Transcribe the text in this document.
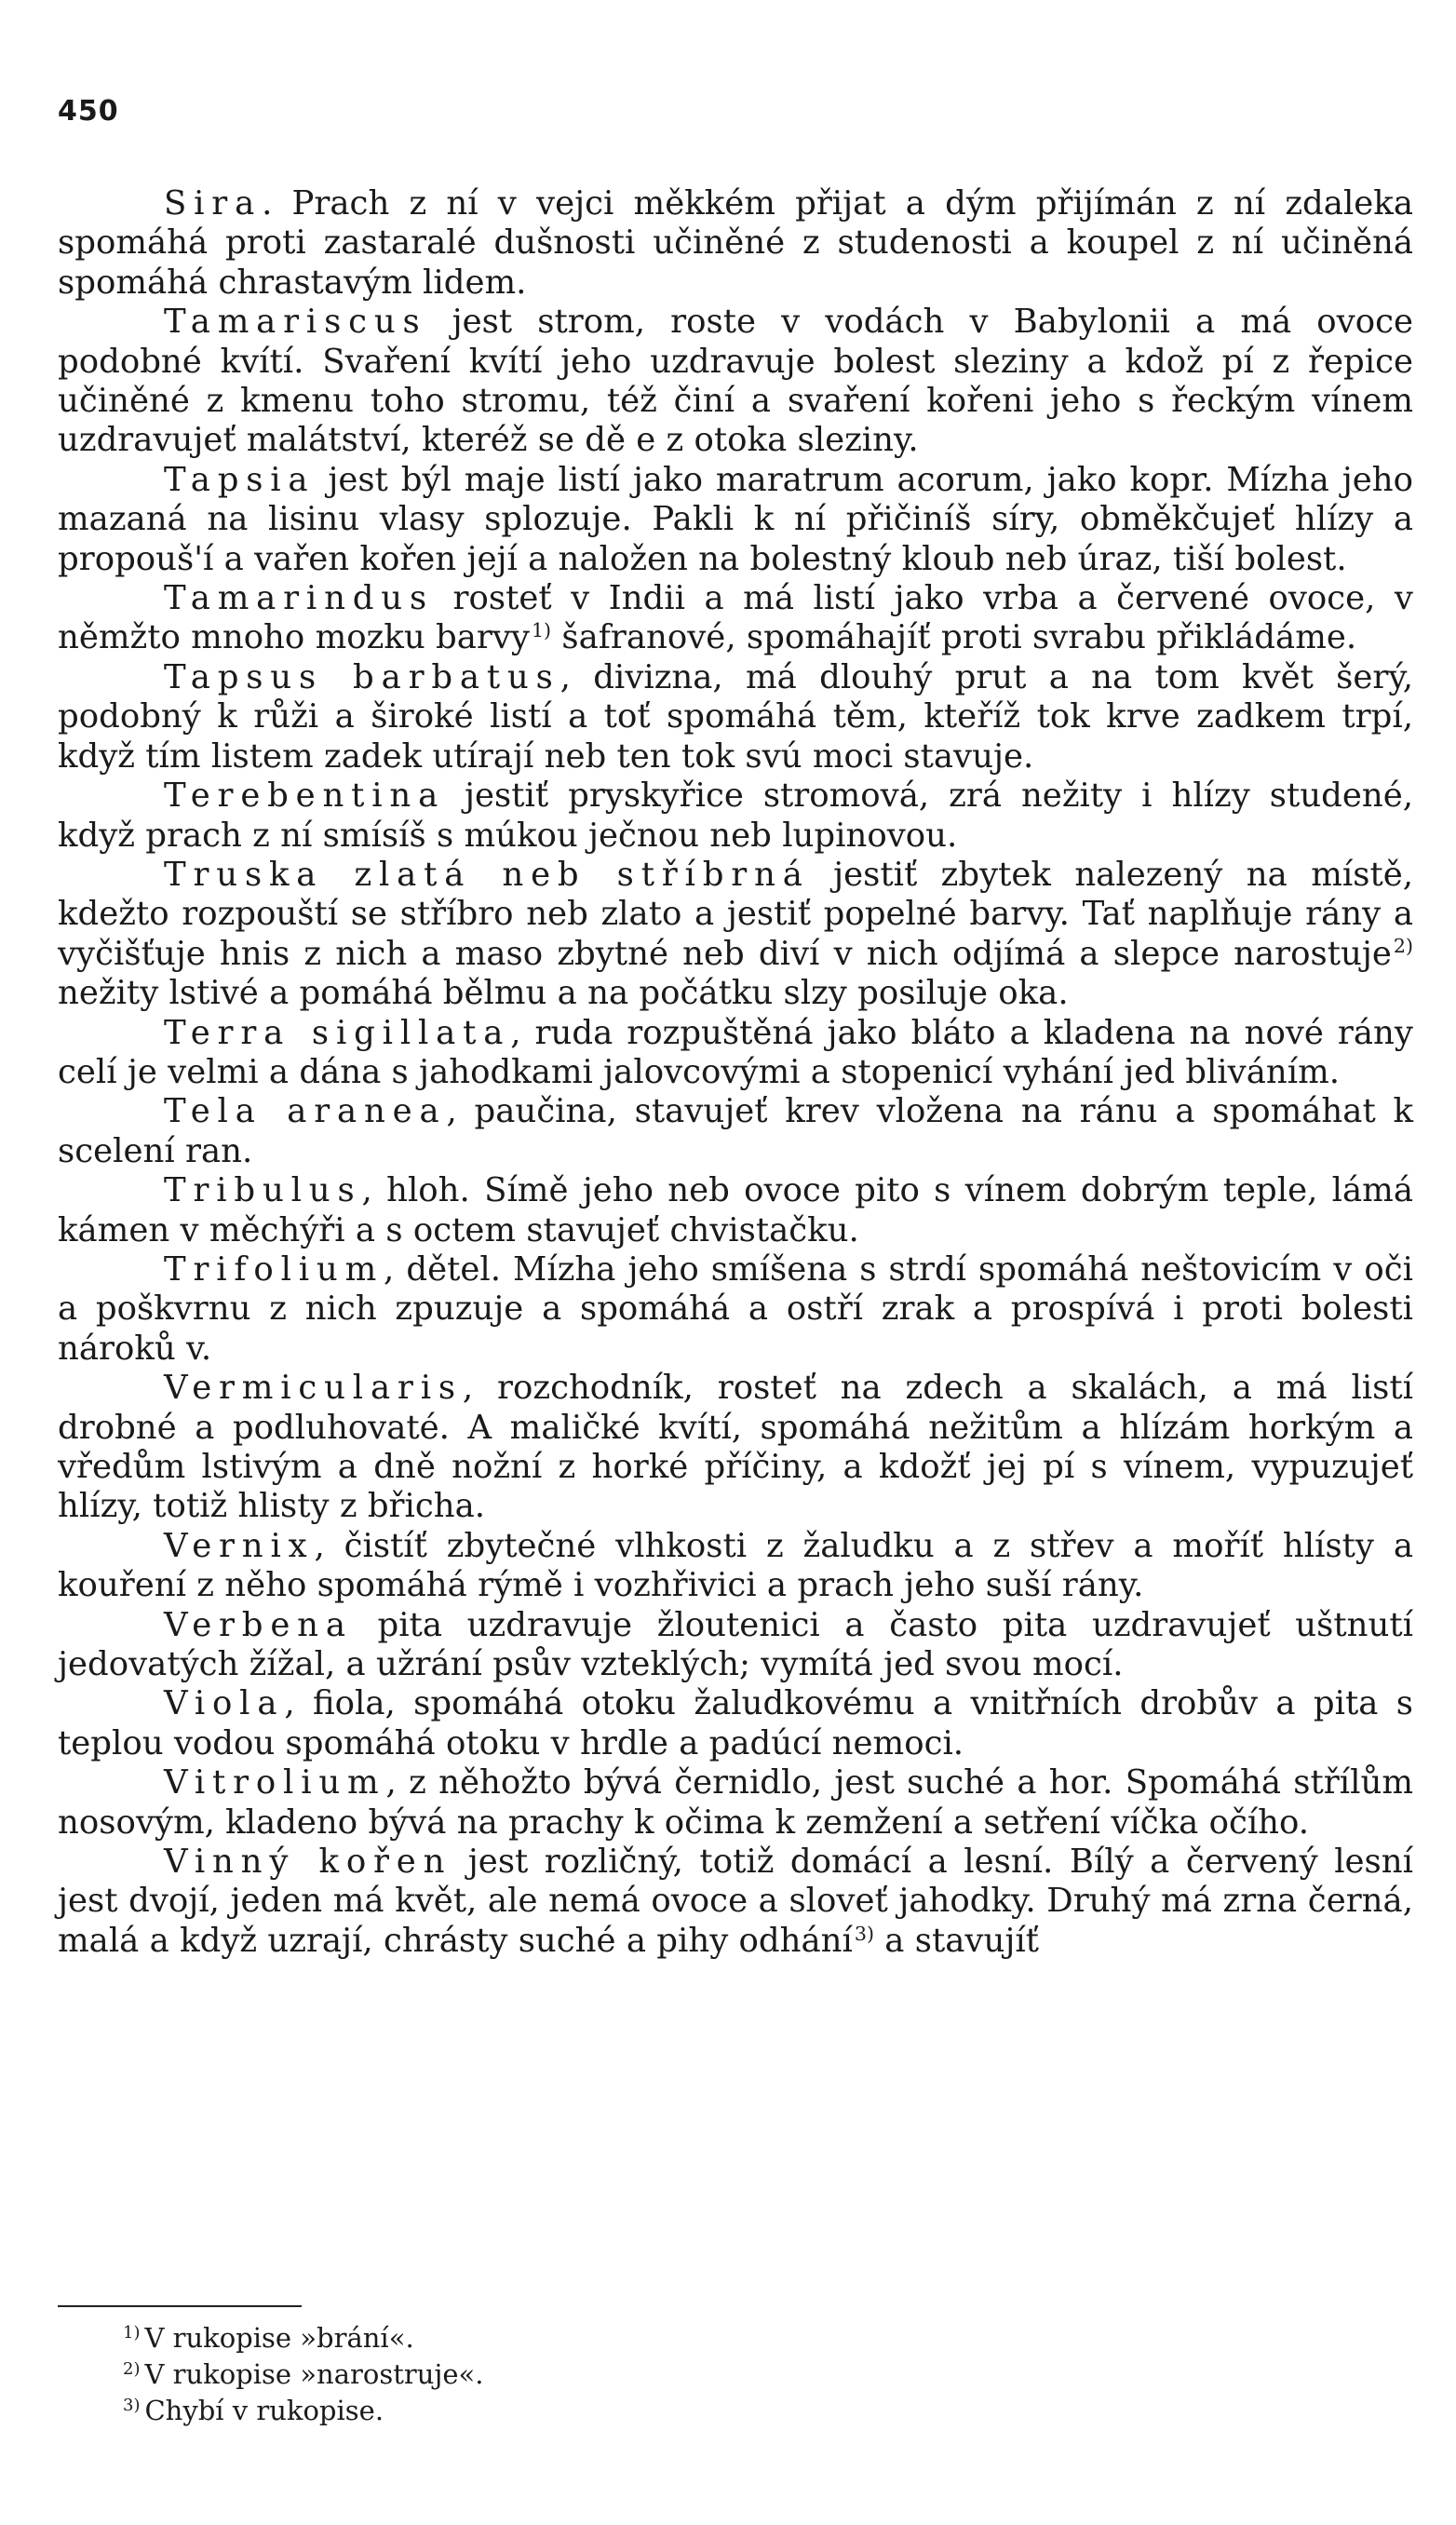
450

Sira. Prach z ní v vejci měkkém přijat a dým přijímán z ní zdaleka spomáhá proti zastaralé dušnosti učiněné z studenosti a koupel z ní učiněná spomáhá chrastavým lidem.

Tamariscus jest strom, roste v vodách v Babylonii a má ovoce podobné kvítí. Svaření kvítí jeho uzdravuje bolest sleziny a kdož pí z řepice učiněné z kmenu toho stromu, též činí a svaření kořeni jeho s řeckým vínem uzdravujeť malátství, kteréž se dě e z otoka sleziny.

Tapsia jest býl maje listí jako maratrum acorum, jako kopr. Mízha jeho mazaná na lisinu vlasy splozuje. Pakli k ní přičiníš síry, obměkčujeť hlízy a propouš'í a vařen kořen její a naložen na bolestný kloub neb úraz, tiší bolest.

Tamarindus rosteť v Indii a má listí jako vrba a červené ovoce, v němžto mnoho mozku barvy$^{1)}$ šafranové, spomáhajíť proti svrabu přikládáme.

Tapsus barbatus, divizna, má dlouhý prut a na tom květ šerý, podobný k růži a široké listí a toť spomáhá těm, kteříž tok krve zadkem trpí, když tím listem zadek utírají neb ten tok svú moci stavuje.

Terebentina jestiť pryskyřice stromová, zrá nežity i hlízy studené, když prach z ní smísíš s múkou ječnou neb lupinovou.

Truska zlatá neb stříbrná jestiť zbytek nalezený na místě, kdežto rozpouští se stříbro neb zlato a jestiť popelné barvy. Tať naplňuje rány a vyčišťuje hnis z nich a maso zbytné neb diví v nich odjímá a slepce narostuje$^{2)}$ nežity lstivé a pomáhá bělmu a na počátku slzy posiluje oka.

Terra sigillata, ruda rozpuštěná jako bláto a kladena na nové rány celí je velmi a dána s jahodkami jalovcovými a stopenicí vyhání jed bliváním.

Tela aranea, paučina, stavujeť krev vložena na ránu a spomáhat k scelení ran.

Tribulus, hloh. Símě jeho neb ovoce pito s vínem dobrým teple, lámá kámen v měchýři a s octem stavujeť chvistačku.

Trifolium, dětel. Mízha jeho smíšena s strdí spomáhá neštovicím v oči a poškvrnu z nich zpuzuje a spomáhá a ostří zrak a prospívá i proti bolesti nároků v.

Vermicularis, rozchodník, rosteť na zdech a skalách, a má listí drobné a podluhovaté. A maličké kvítí, spomáhá nežitům a hlízám horkým a vředům lstivým a dně nožní z horké příčiny, a kdožť jej pí s vínem, vypuzujeť hlízy, totiž hlisty z břicha.

Vernix, čistíť zbytečné vlhkosti z žaludku a z střev a moříť hlísty a kouření z něho spomáhá rýmě i vozhřivici a prach jeho suší rány.

Verbena pita uzdravuje žloutenici a často pita uzdravujeť uštnutí jedovatých žížal, a užrání psův vzteklých; vymítá jed svou mocí.

Viola, fiola, spomáhá otoku žaludkovému a vnitřních drobův a pita s teplou vodou spomáhá otoku v hrdle a padúcí nemoci.

Vitrolium, z něhožto bývá černidlo, jest suché a hor. Spomáhá střílům nosovým, kladeno bývá na prachy k očima k zemžení a setření víčka očího.

Vinný kořen jest rozličný, totiž domácí a lesní. Bílý a červený lesní jest dvojí, jeden má květ, ale nemá ovoce a sloveť jahodky. Druhý má zrna černá, malá a když uzrají, chrásty suché a pihy odhání$^{3)}$ a stavujíť

$^{1)}$ V rukopise »brání«.

$^{2)}$ V rukopise »narostruje«.

$^{3)}$ Chybí v rukopise.
